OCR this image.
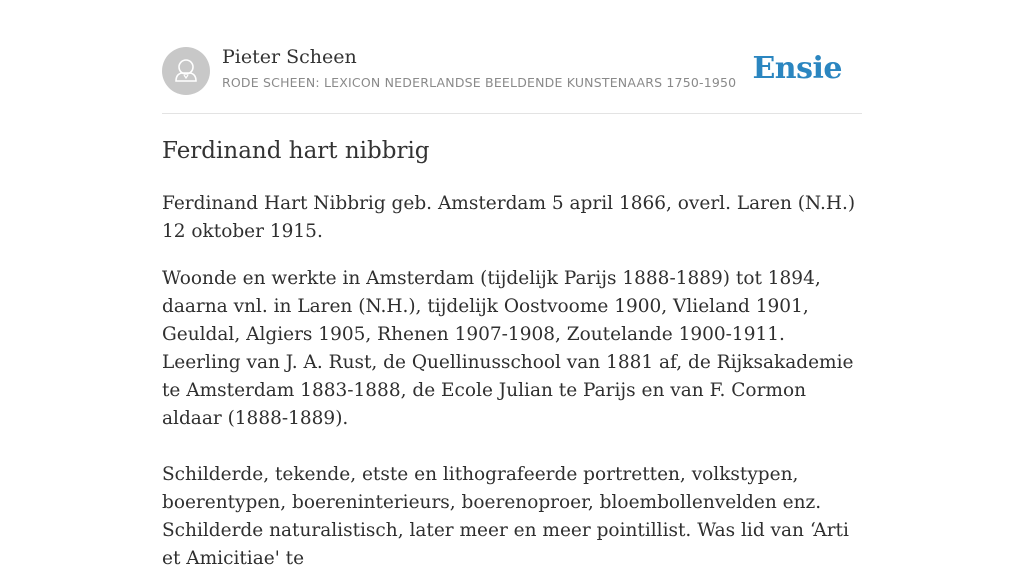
Pieter Scheen
RODE SCHEEN: LEXICON NEDERLANDSE BEELDENDE KUNSTENAARS 1750-1950 Ensie
Ferdinand hart nibbrig

Ferdinand Hart Nibbrig geb. Amsterdam 5 april 1866, overl. Laren (N.H.) 12 oktober 1915.

Woonde en werkte in Amsterdam (tijdelijk Parijs 1888-1889) tot 1894, daarna vnl. in Laren (N.H.), tijdelijk Oostvoome 1900, Vlieland 1901, Geuldal, Algiers 1905, Rhenen 1907-1908, Zoutelande 1900-1911. Leerling van J. A. Rust, de Quellinusschool van 1881 af, de Rijksakademie te Amsterdam 1883-1888, de Ecole Julian te Parijs en van F. Cormon aldaar (1888-1889).

Schilderde, tekende, etste en lithografeerde portretten, volkstypen, boerentypen, boereninterieurs, boerenoproer, bloembollenvelden enz. Schilderde naturalistisch, later meer en meer pointillist. Was lid van ‘Arti et Amicitiae' te
